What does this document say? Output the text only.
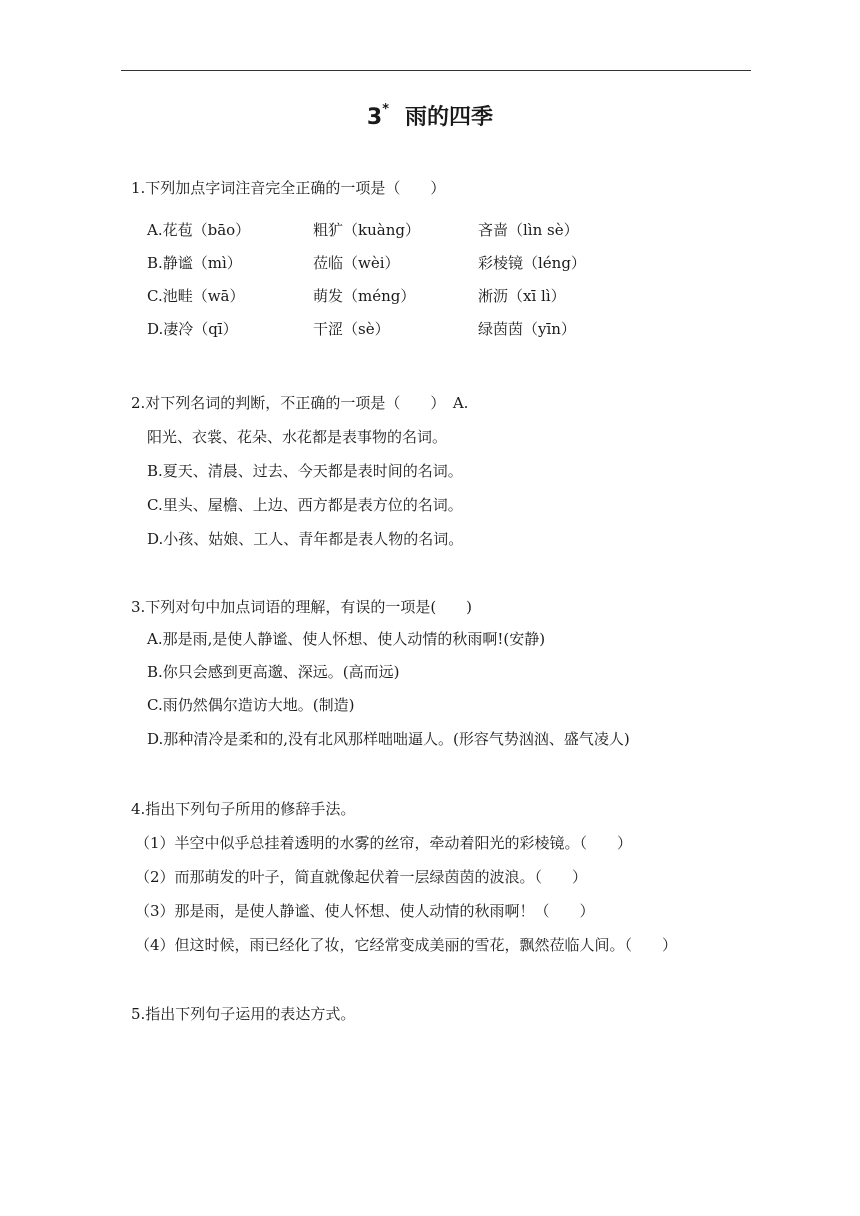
3* 雨的四季
1.下列加点字词注音完全正确的一项是（　　）
A.花苞（bāo）	粗犷（kuàng）	吝啬（lìn sè）
B.静谧（mì）	莅临（wèi）	彩棱镜（léng）
C.池畦（wā）	萌发（méng）	淅沥（xī lì）
D.凄冷（qī）	干涩（sè）	绿茵茵（yīn）
2.对下列名词的判断，不正确的一项是（　　）　A.
阳光、衣裳、花朵、水花都是表事物的名词。
B.夏天、清晨、过去、今天都是表时间的名词。
C.里头、屋檐、上边、西方都是表方位的名词。
D.小孩、姑娘、工人、青年都是表人物的名词。
3.下列对句中加点词语的理解，有误的一项是(　　)
A.那是雨,是使人静谧、使人怀想、使人动情的秋雨啊!(安静)
B.你只会感到更高邈、深远。(高而远)
C.雨仍然偶尔造访大地。(制造)
D.那种清冷是柔和的,没有北风那样咄咄逼人。(形容气势汹汹、盛气凌人)
4.指出下列句子所用的修辞手法。
（1）半空中似乎总挂着透明的水雾的丝帘，牵动着阳光的彩棱镜。（　　）
（2）而那萌发的叶子，简直就像起伏着一层绿茵茵的波浪。（　　）
（3）那是雨，是使人静谧、使人怀想、使人动情的秋雨啊！（　　）
（4）但这时候，雨已经化了妆，它经常变成美丽的雪花，飘然莅临人间。（　　）
5.指出下列句子运用的表达方式。
